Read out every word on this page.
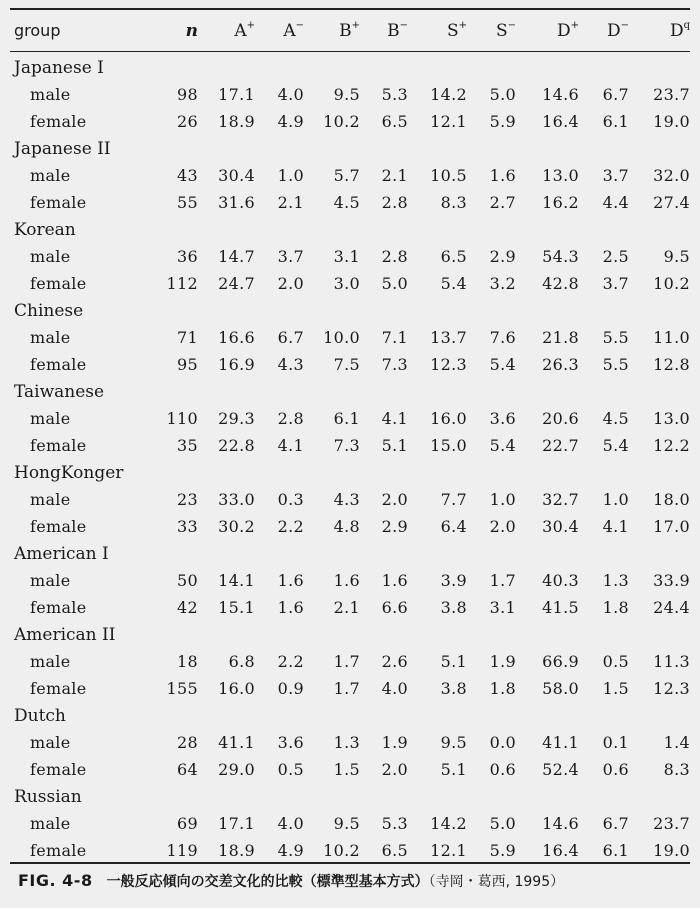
group	n	A+	A−	B+	B−	S+	S−	D+	D−	$D^q$

Japanese I										
male	98	17.1	4.0	9.5	5.3	14.2	5.0	14.6	6.7	23.7
female	26	18.9	4.9	10.2	6.5	12.1	5.9	16.4	6.1	19.0
Japanese II										
male	43	30.4	1.0	5.7	2.1	10.5	1.6	13.0	3.7	32.0
female	55	31.6	2.1	4.5	2.8	8.3	2.7	16.2	4.4	27.4
Korean										
male	36	14.7	3.7	3.1	2.8	6.5	2.9	54.3	2.5	9.5
female	112	24.7	2.0	3.0	5.0	5.4	3.2	42.8	3.7	10.2
Chinese										
male	71	16.6	6.7	10.0	7.1	13.7	7.6	21.8	5.5	11.0
female	95	16.9	4.3	7.5	7.3	12.3	5.4	26.3	5.5	12.8
Taiwanese										
male	110	29.3	2.8	6.1	4.1	16.0	3.6	20.6	4.5	13.0
female	35	22.8	4.1	7.3	5.1	15.0	5.4	22.7	5.4	12.2
HongKonger										
male	23	33.0	0.3	4.3	2.0	7.7	1.0	32.7	1.0	18.0
female	33	30.2	2.2	4.8	2.9	6.4	2.0	30.4	4.1	17.0
American I										
male	50	14.1	1.6	1.6	1.6	3.9	1.7	40.3	1.3	33.9
female	42	15.1	1.6	2.1	6.6	3.8	3.1	41.5	1.8	24.4
American II										
male	18	6.8	2.2	1.7	2.6	5.1	1.9	66.9	0.5	11.3
female	155	16.0	0.9	1.7	4.0	3.8	1.8	58.0	1.5	12.3
Dutch										
male	28	41.1	3.6	1.3	1.9	9.5	0.0	41.1	0.1	1.4
female	64	29.0	0.5	1.5	2.0	5.1	0.6	52.4	0.6	8.3
Russian										
male	69	17.1	4.0	9.5	5.3	14.2	5.0	14.6	6.7	23.7
female	119	18.9	4.9	10.2	6.5	12.1	5.9	16.4	6.1	19.0
FIG. 4-8 一般反応傾向の交差文化的比較（標準型基本方式）（寺岡・葛西, 1995）
